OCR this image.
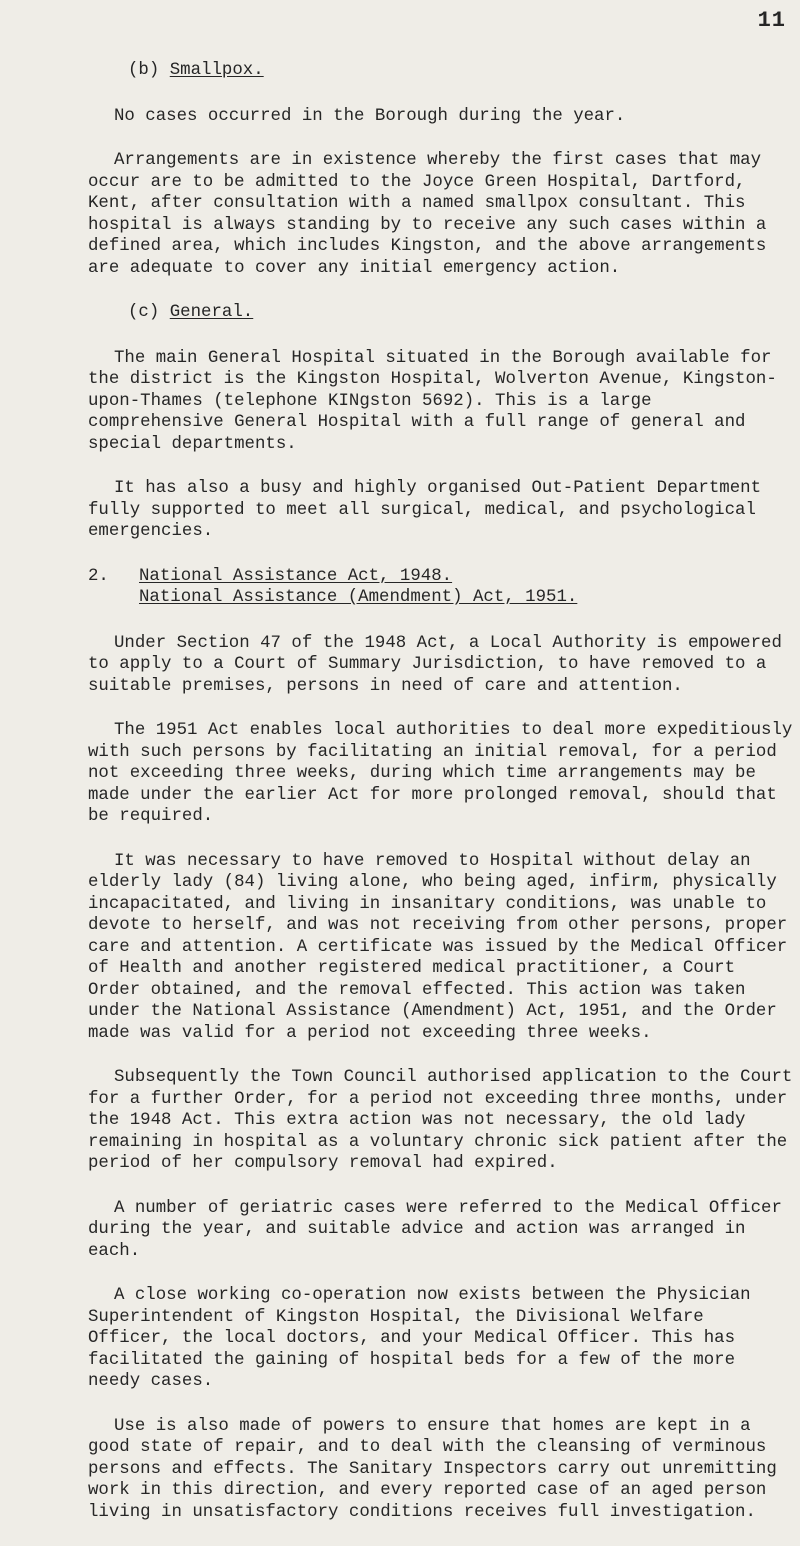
11
(b) Smallpox.

No cases occurred in the Borough during the year.

Arrangements are in existence whereby the first cases that may occur are to be admitted to the Joyce Green Hospital, Dartford, Kent, after consultation with a named smallpox consultant. This hospital is always standing by to receive any such cases within a defined area, which includes Kingston, and the above arrangements are adequate to cover any initial emergency action.

(c) General.

The main General Hospital situated in the Borough available for the district is the Kingston Hospital, Wolverton Avenue, Kingston-upon-Thames (telephone KINgston 5692). This is a large comprehensive General Hospital with a full range of general and special departments.

It has also a busy and highly organised Out-Patient Department fully supported to meet all surgical, medical, and psychological emergencies.

2. National Assistance Act, 1948.
National Assistance (Amendment) Act, 1951.

Under Section 47 of the 1948 Act, a Local Authority is empowered to apply to a Court of Summary Jurisdiction, to have removed to a suitable premises, persons in need of care and attention.

The 1951 Act enables local authorities to deal more expeditiously with such persons by facilitating an initial removal, for a period not exceeding three weeks, during which time arrangements may be made under the earlier Act for more prolonged removal, should that be required.

It was necessary to have removed to Hospital without delay an elderly lady (84) living alone, who being aged, infirm, physically incapacitated, and living in insanitary conditions, was unable to devote to herself, and was not receiving from other persons, proper care and attention. A certificate was issued by the Medical Officer of Health and another registered medical practitioner, a Court Order obtained, and the removal effected. This action was taken under the National Assistance (Amendment) Act, 1951, and the Order made was valid for a period not exceeding three weeks.

Subsequently the Town Council authorised application to the Court for a further Order, for a period not exceeding three months, under the 1948 Act. This extra action was not necessary, the old lady remaining in hospital as a voluntary chronic sick patient after the period of her compulsory removal had expired.

A number of geriatric cases were referred to the Medical Officer during the year, and suitable advice and action was arranged in each.

A close working co-operation now exists between the Physician Superintendent of Kingston Hospital, the Divisional Welfare Officer, the local doctors, and your Medical Officer. This has facilitated the gaining of hospital beds for a few of the more needy cases.

Use is also made of powers to ensure that homes are kept in a good state of repair, and to deal with the cleansing of verminous persons and effects. The Sanitary Inspectors carry out unremitting work in this direction, and every reported case of an aged person living in unsatisfactory conditions receives full investigation.
